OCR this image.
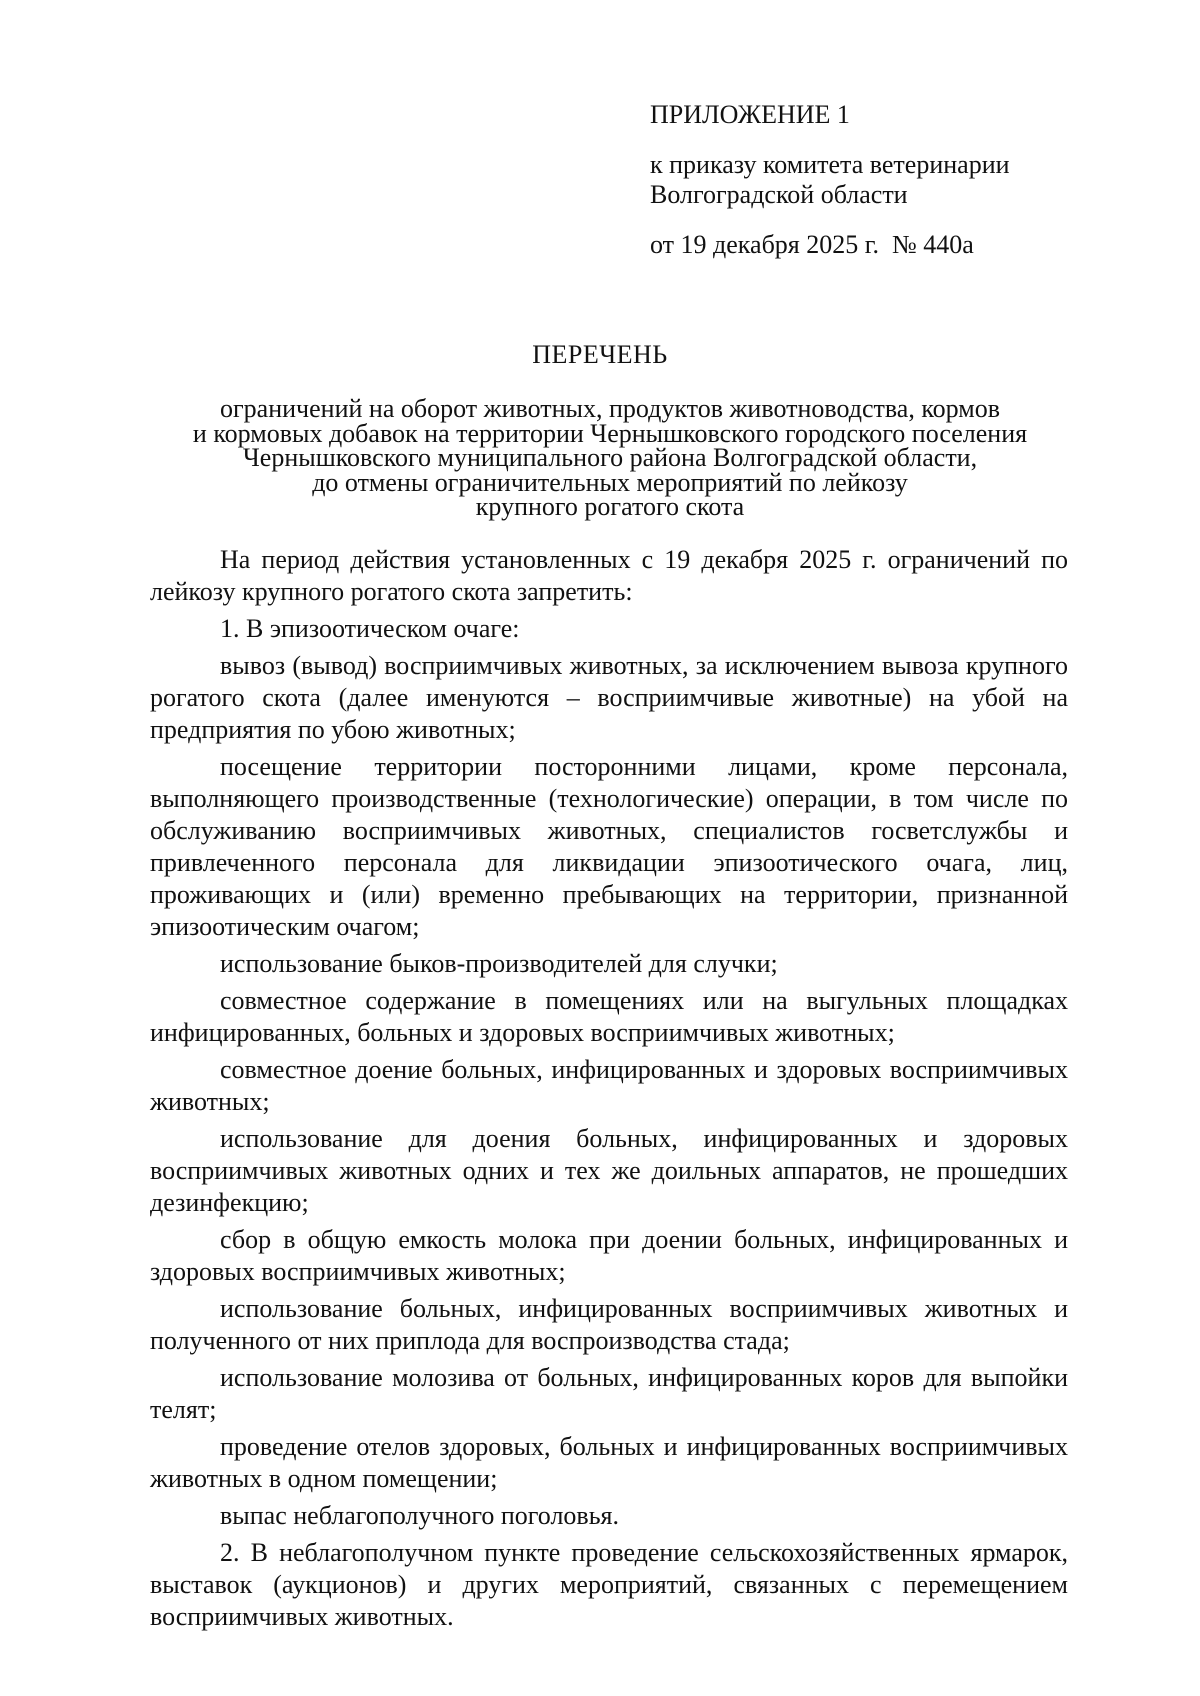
ПРИЛОЖЕНИЕ 1

к приказу комитета ветеринарии
Волгоградской области

от 19 декабря 2025 г.  № 440а

ПЕРЕЧЕНЬ
ограничений на оборот животных, продуктов животноводства, кормов
и кормовых добавок на территории Чернышковского городского поселения
Чернышковского муниципального района Волгоградской области,
до отмены ограничительных мероприятий по лейкозу
крупного рогатого скота

На период действия установленных с 19 декабря 2025 г. ограничений по лейкозу крупного рогатого скота запретить:

1. В эпизоотическом очаге:

вывоз (вывод) восприимчивых животных, за исключением вывоза крупного рогатого скота (далее именуются – восприимчивые животные) на убой на предприятия по убою животных;

посещение территории посторонними лицами, кроме персонала, выполняющего производственные (технологические) операции, в том числе по обслуживанию восприимчивых животных, специалистов госветслужбы и привлеченного персонала для ликвидации эпизоотического очага, лиц, проживающих и (или) временно пребывающих на территории, признанной эпизоотическим очагом;

использование быков-производителей для случки;

совместное содержание в помещениях или на выгульных площадках инфицированных, больных и здоровых восприимчивых животных;

совместное доение больных, инфицированных и здоровых восприимчивых животных;

использование для доения больных, инфицированных и здоровых восприимчивых животных одних и тех же доильных аппаратов, не прошедших дезинфекцию;

сбор в общую емкость молока при доении больных, инфицированных и здоровых восприимчивых животных;

использование больных, инфицированных восприимчивых животных и полученного от них приплода для воспроизводства стада;

использование молозива от больных, инфицированных коров для выпойки телят;

проведение отелов здоровых, больных и инфицированных восприимчивых животных в одном помещении;

выпас неблагополучного поголовья.

2. В неблагополучном пункте проведение сельскохозяйственных ярмарок, выставок (аукционов) и других мероприятий, связанных с перемещением восприимчивых животных.
